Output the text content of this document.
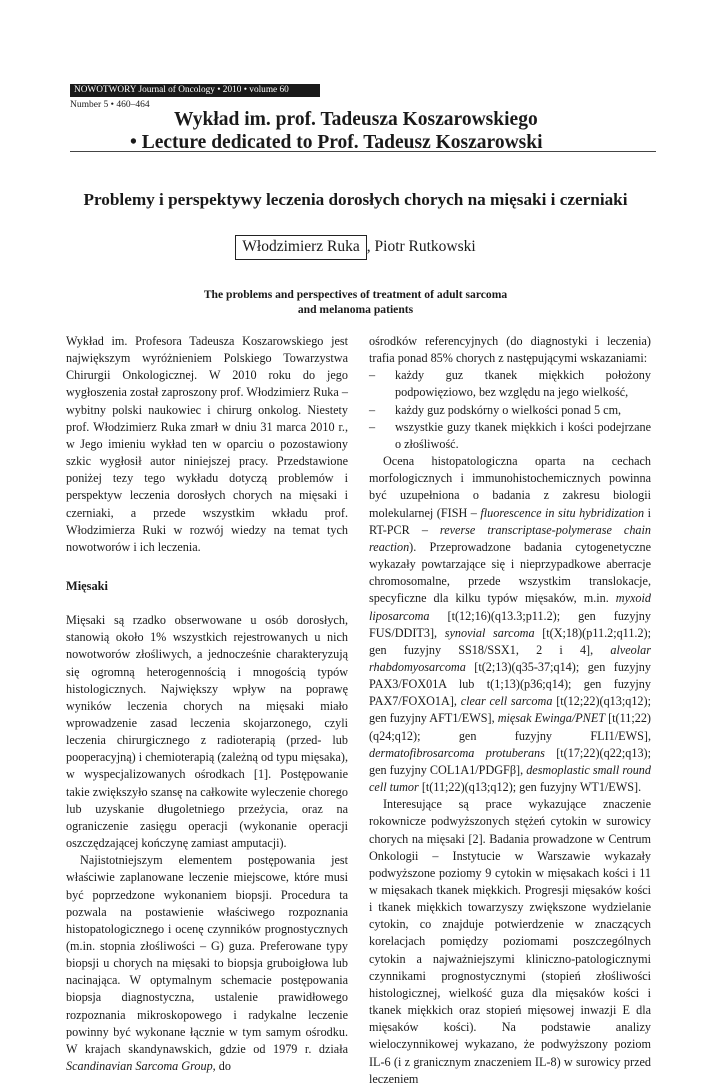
NOWOTWORY Journal of Oncology • 2010 • volume 60
Number 5 • 460–464
Wykład im. prof. Tadeusza Koszarowskiego
• Lecture dedicated to Prof. Tadeusz Koszarowski
Problemy i perspektywy leczenia dorosłych chorych na mięsaki i czerniaki
Włodzimierz Ruka , Piotr Rutkowski
The problems and perspectives of treatment of adult sarcoma
and melanoma patients

Wykład im. Profesora Tadeusza Koszarowskiego jest największym wyróżnieniem Polskiego Towarzystwa Chirurgii Onkologicznej. W 2010 roku do jego wygłoszenia został zaproszony prof. Włodzimierz Ruka – wybitny polski naukowiec i chirurg onkolog. Niestety prof. Włodzimierz Ruka zmarł w dniu 31 marca 2010 r., w Jego imieniu wykład ten w oparciu o pozostawiony szkic wygłosił autor niniejszej pracy. Przedstawione poniżej tezy tego wykładu dotyczą problemów i perspektyw leczenia dorosłych chorych na mięsaki i czerniaki, a przede wszystkim wkładu prof. Włodzimierza Ruki w rozwój wiedzy na temat tych nowotworów i ich leczenia.

Mięsaki

Mięsaki są rzadko obserwowane u osób dorosłych, stanowią około 1% wszystkich rejestrowanych u nich nowotworów złośliwych, a jednocześnie charakteryzują się ogromną heterogennością i mnogością typów histologicznych. Największy wpływ na poprawę wyników leczenia chorych na mięsaki miało wprowadzenie zasad leczenia skojarzonego, czyli leczenia chirurgicznego z radioterapią (przed- lub pooperacyjną) i chemioterapią (zależną od typu mięsaka), w wyspecjalizowanych ośrodkach [1]. Postępowanie takie zwiększyło szansę na całkowite wyleczenie chorego lub uzyskanie długoletniego przeżycia, oraz na ograniczenie zasięgu operacji (wykonanie operacji oszczędzającej kończynę zamiast amputacji).

Najistotniejszym elementem postępowania jest właściwie zaplanowane leczenie miejscowe, które musi być poprzedzone wykonaniem biopsji. Procedura ta pozwala na postawienie właściwego rozpoznania histopatologicznego i ocenę czynników prognostycznych (m.in. stopnia złośliwości – G) guza. Preferowane typy biopsji u chorych na mięsaki to biopsja gruboigłowa lub nacinająca. W optymalnym schemacie postępowania biopsja diagnostyczna, ustalenie prawidłowego rozpoznania mikroskopowego i radykalne leczenie powinny być wykonane łącznie w tym samym ośrodku. W krajach skandynawskich, gdzie od 1979 r. działa Scandinavian Sarcoma Group, do

ośrodków referencyjnych (do diagnostyki i leczenia) trafia ponad 85% chorych z następującymi wskazaniami:

– każdy guz tkanek miękkich położony podpowięziowo, bez względu na jego wielkość,
– każdy guz podskórny o wielkości ponad 5 cm,
– wszystkie guzy tkanek miękkich i kości podejrzane o złośliwość.

Ocena histopatologiczna oparta na cechach morfologicznych i immunohistochemicznych powinna być uzupełniona o badania z zakresu biologii molekularnej (FISH – fluorescence in situ hybridization i RT-PCR – reverse transcriptase-polymerase chain reaction). Przeprowadzone badania cytogenetyczne wykazały powtarzające się i nieprzypadkowe aberracje chromosomalne, przede wszystkim translokacje, specyficzne dla kilku typów mięsaków, m.in. myxoid liposarcoma [t(12;16)(q13.3;p11.2); gen fuzyjny FUS/DDIT3], synovial sarcoma [t(X;18)(p11.2;q11.2); gen fuzyjny SS18/SSX1, 2 i 4], alveolar rhabdomyosarcoma [t(2;13)(q35-37;q14); gen fuzyjny PAX3/FOX01A lub t(1;13)(p36;q14); gen fuzyjny PAX7/FOXO1A], clear cell sarcoma [t(12;22)(q13;q12); gen fuzyjny AFT1/EWS], mięsak Ewinga/PNET [t(11;22)(q24;q12); gen fuzyjny FLI1/EWS], dermatofibrosarcoma protuberans [t(17;22)(q22;q13); gen fuzyjny COL1A1/PDGFβ], desmoplastic small round cell tumor [t(11;22)(q13;q12); gen fuzyjny WT1/EWS].

Interesujące są prace wykazujące znaczenie rokownicze podwyższonych stężeń cytokin w surowicy chorych na mięsaki [2]. Badania prowadzone w Centrum Onkologii – Instytucie w Warszawie wykazały podwyższone poziomy 9 cytokin w mięsakach kości i 11 w mięsakach tkanek miękkich. Progresji mięsaków kości i tkanek miękkich towarzyszy zwiększone wydzielanie cytokin, co znajduje potwierdzenie w znaczących korelacjach pomiędzy poziomami poszczególnych cytokin a najważniejszymi kliniczno-patologicznymi czynnikami prognostycznymi (stopień złośliwości histologicznej, wielkość guza dla mięsaków kości i tkanek miękkich oraz stopień mięsowej inwazji E dla mięsaków kości). Na podstawie analizy wieloczynnikowej wykazano, że podwyższony poziom IL-6 (i z granicznym znaczeniem IL-8) w surowicy przed leczeniem
